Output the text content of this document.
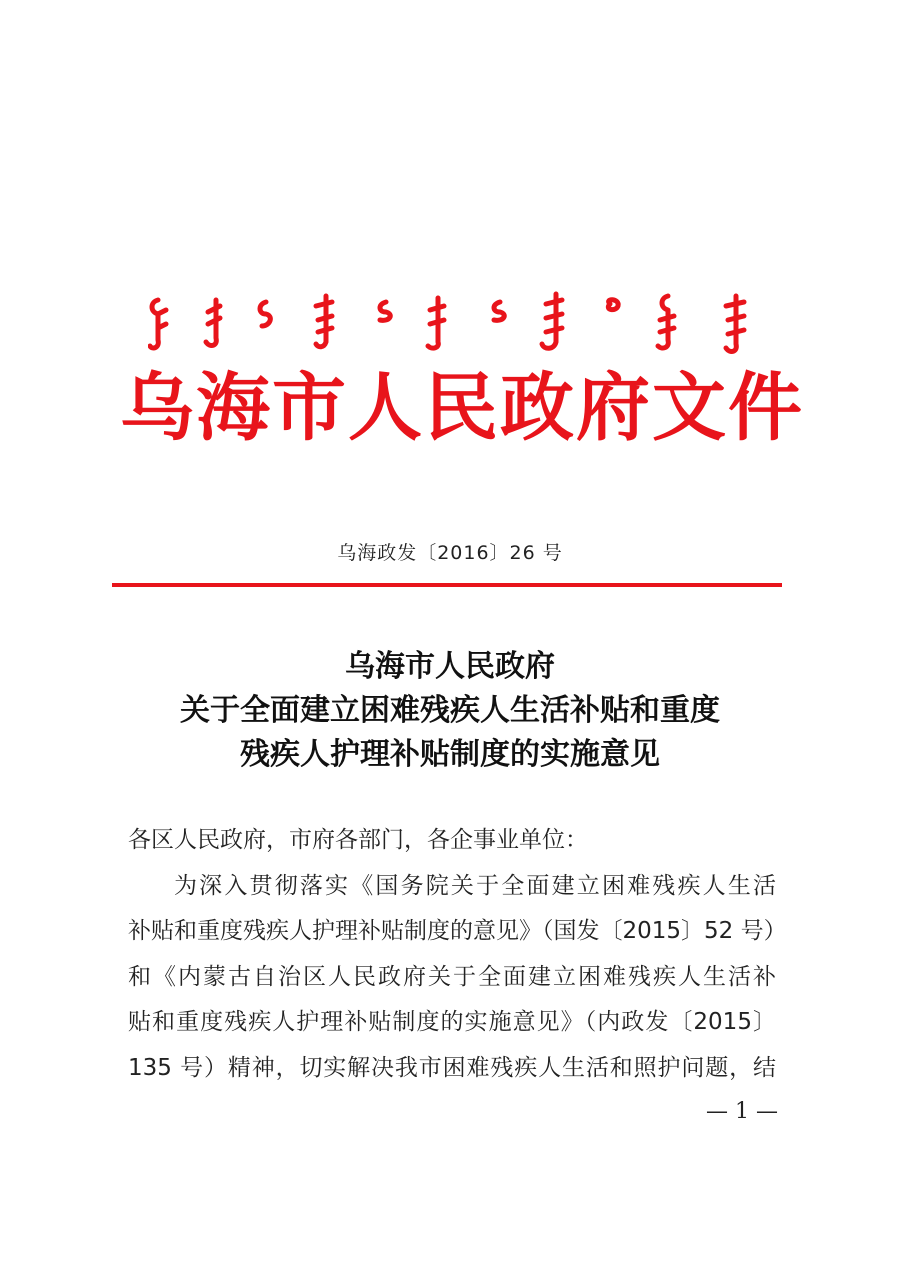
乌海市人民政府文件
乌海政发〔2016〕26 号
乌海市人民政府
关于全面建立困难残疾人生活补贴和重度
残疾人护理补贴制度的实施意见
各区人民政府，市府各部门，各企事业单位：
为深入贯彻落实《国务院关于全面建立困难残疾人生活
补贴和重度残疾人护理补贴制度的意见》（国发〔2015〕52 号）
和《内蒙古自治区人民政府关于全面建立困难残疾人生活补
贴和重度残疾人护理补贴制度的实施意见》（内政发〔2015〕
135 号）精神，切实解决我市困难残疾人生活和照护问题，结
— 1 —
